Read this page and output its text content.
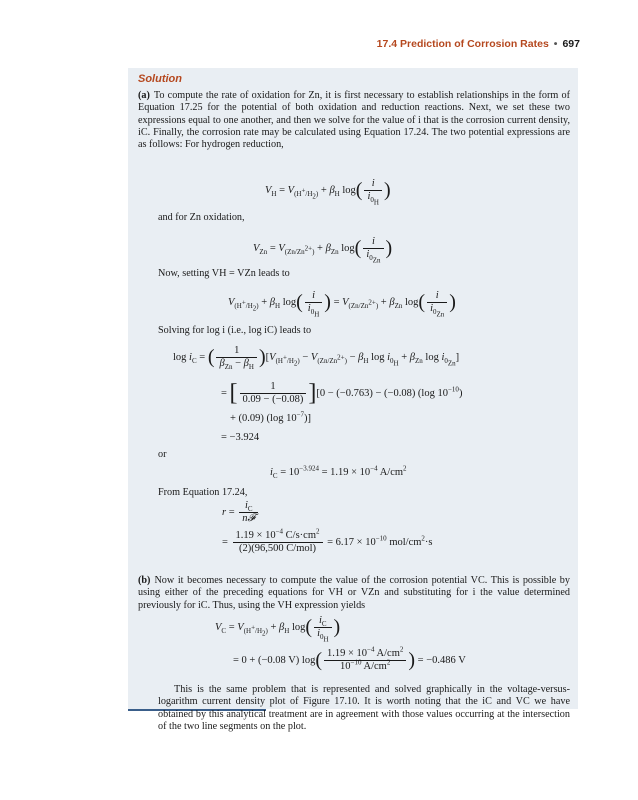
17.4 Prediction of Corrosion Rates • 697
Solution
(a) To compute the rate of oxidation for Zn, it is first necessary to establish relationships in the form of Equation 17.25 for the potential of both oxidation and reduction reactions. Next, we set these two expressions equal to one another, and then we solve for the value of i that is the corrosion current density, iC. Finally, the corrosion rate may be calculated using Equation 17.24. The two potential expressions are as follows: For hydrogen reduction,
$V_H = V_{(H^+/H_2)} + \beta_H$ $\log( \frac{i}{i_{0_H}}$ )
and for Zn oxidation,
$V_{Zn} = V_{(Zn/Zn^{2+})} + \beta_{Zn}$ $\log( \frac{i}{i_{0_{Zn}}}$ )
Now, setting VH = VZn leads to
$V_{(H^+/H_2)} + \beta_H$ $\log( \frac{i}{i_{0_H}}$ ) = $V_{(Zn/Zn^{2+})} + \beta_{Zn}$ $\log( \frac{i}{i_{0_{Zn}}}$ )
Solving for log i (i.e., log iC) leads to
$\log i_C$ = ( $\frac{1}{\beta_{Zn} - \beta_H} )[V_{(H^+/H_2)} - V_{(Zn/Zn^{2+})} - \beta_H$ $\log i_{0_H} + \beta_{Zn}$ $\log i_{0_{Zn}}$]
= [ $\frac{1}{0.09 - (-0.08)} ][0 - (-0.763) - (-0.08)$ (log $10^{-10}$)
+ (0.09) (log $10^{-7}$)]
= −3.924
or
$i_C = 10^{-3.924} = 1.19 \times 10^{-4}$ $A/cm^2$
From Equation 17.24,
$r = \frac{i_C}{\text{n𝓕}}$
= $\frac{1.19 \times 10^{-4} C/s\cdot cm^2}{\text{(2)(96,500 C/mol)}} = 6.17 \times 10^{-10}$ mol/$cm^2\cdot s$
(b) Now it becomes necessary to compute the value of the corrosion potential VC. This is possible by using either of the preceding equations for VH or VZn and substituting for i the value determined previously for iC. Thus, using the VH expression yields
$V_C = V_{(H^+/H_2)} + \beta_H$ $\log( \frac{i_C}{i_{0_H}}$ )
= 0 + (−0.08 V) $\log( \frac{1.19 \times 10^{-4} A/cm^2}{10^{-10} A/cm^2}$ ) = −0.486 V
This is the same problem that is represented and solved graphically in the voltage-versus-logarithm current density plot of Figure 17.10. It is worth noting that the iC and VC we have obtained by this analytical treatment are in agreement with those values occurring at the intersection of the two line segments on the plot.
